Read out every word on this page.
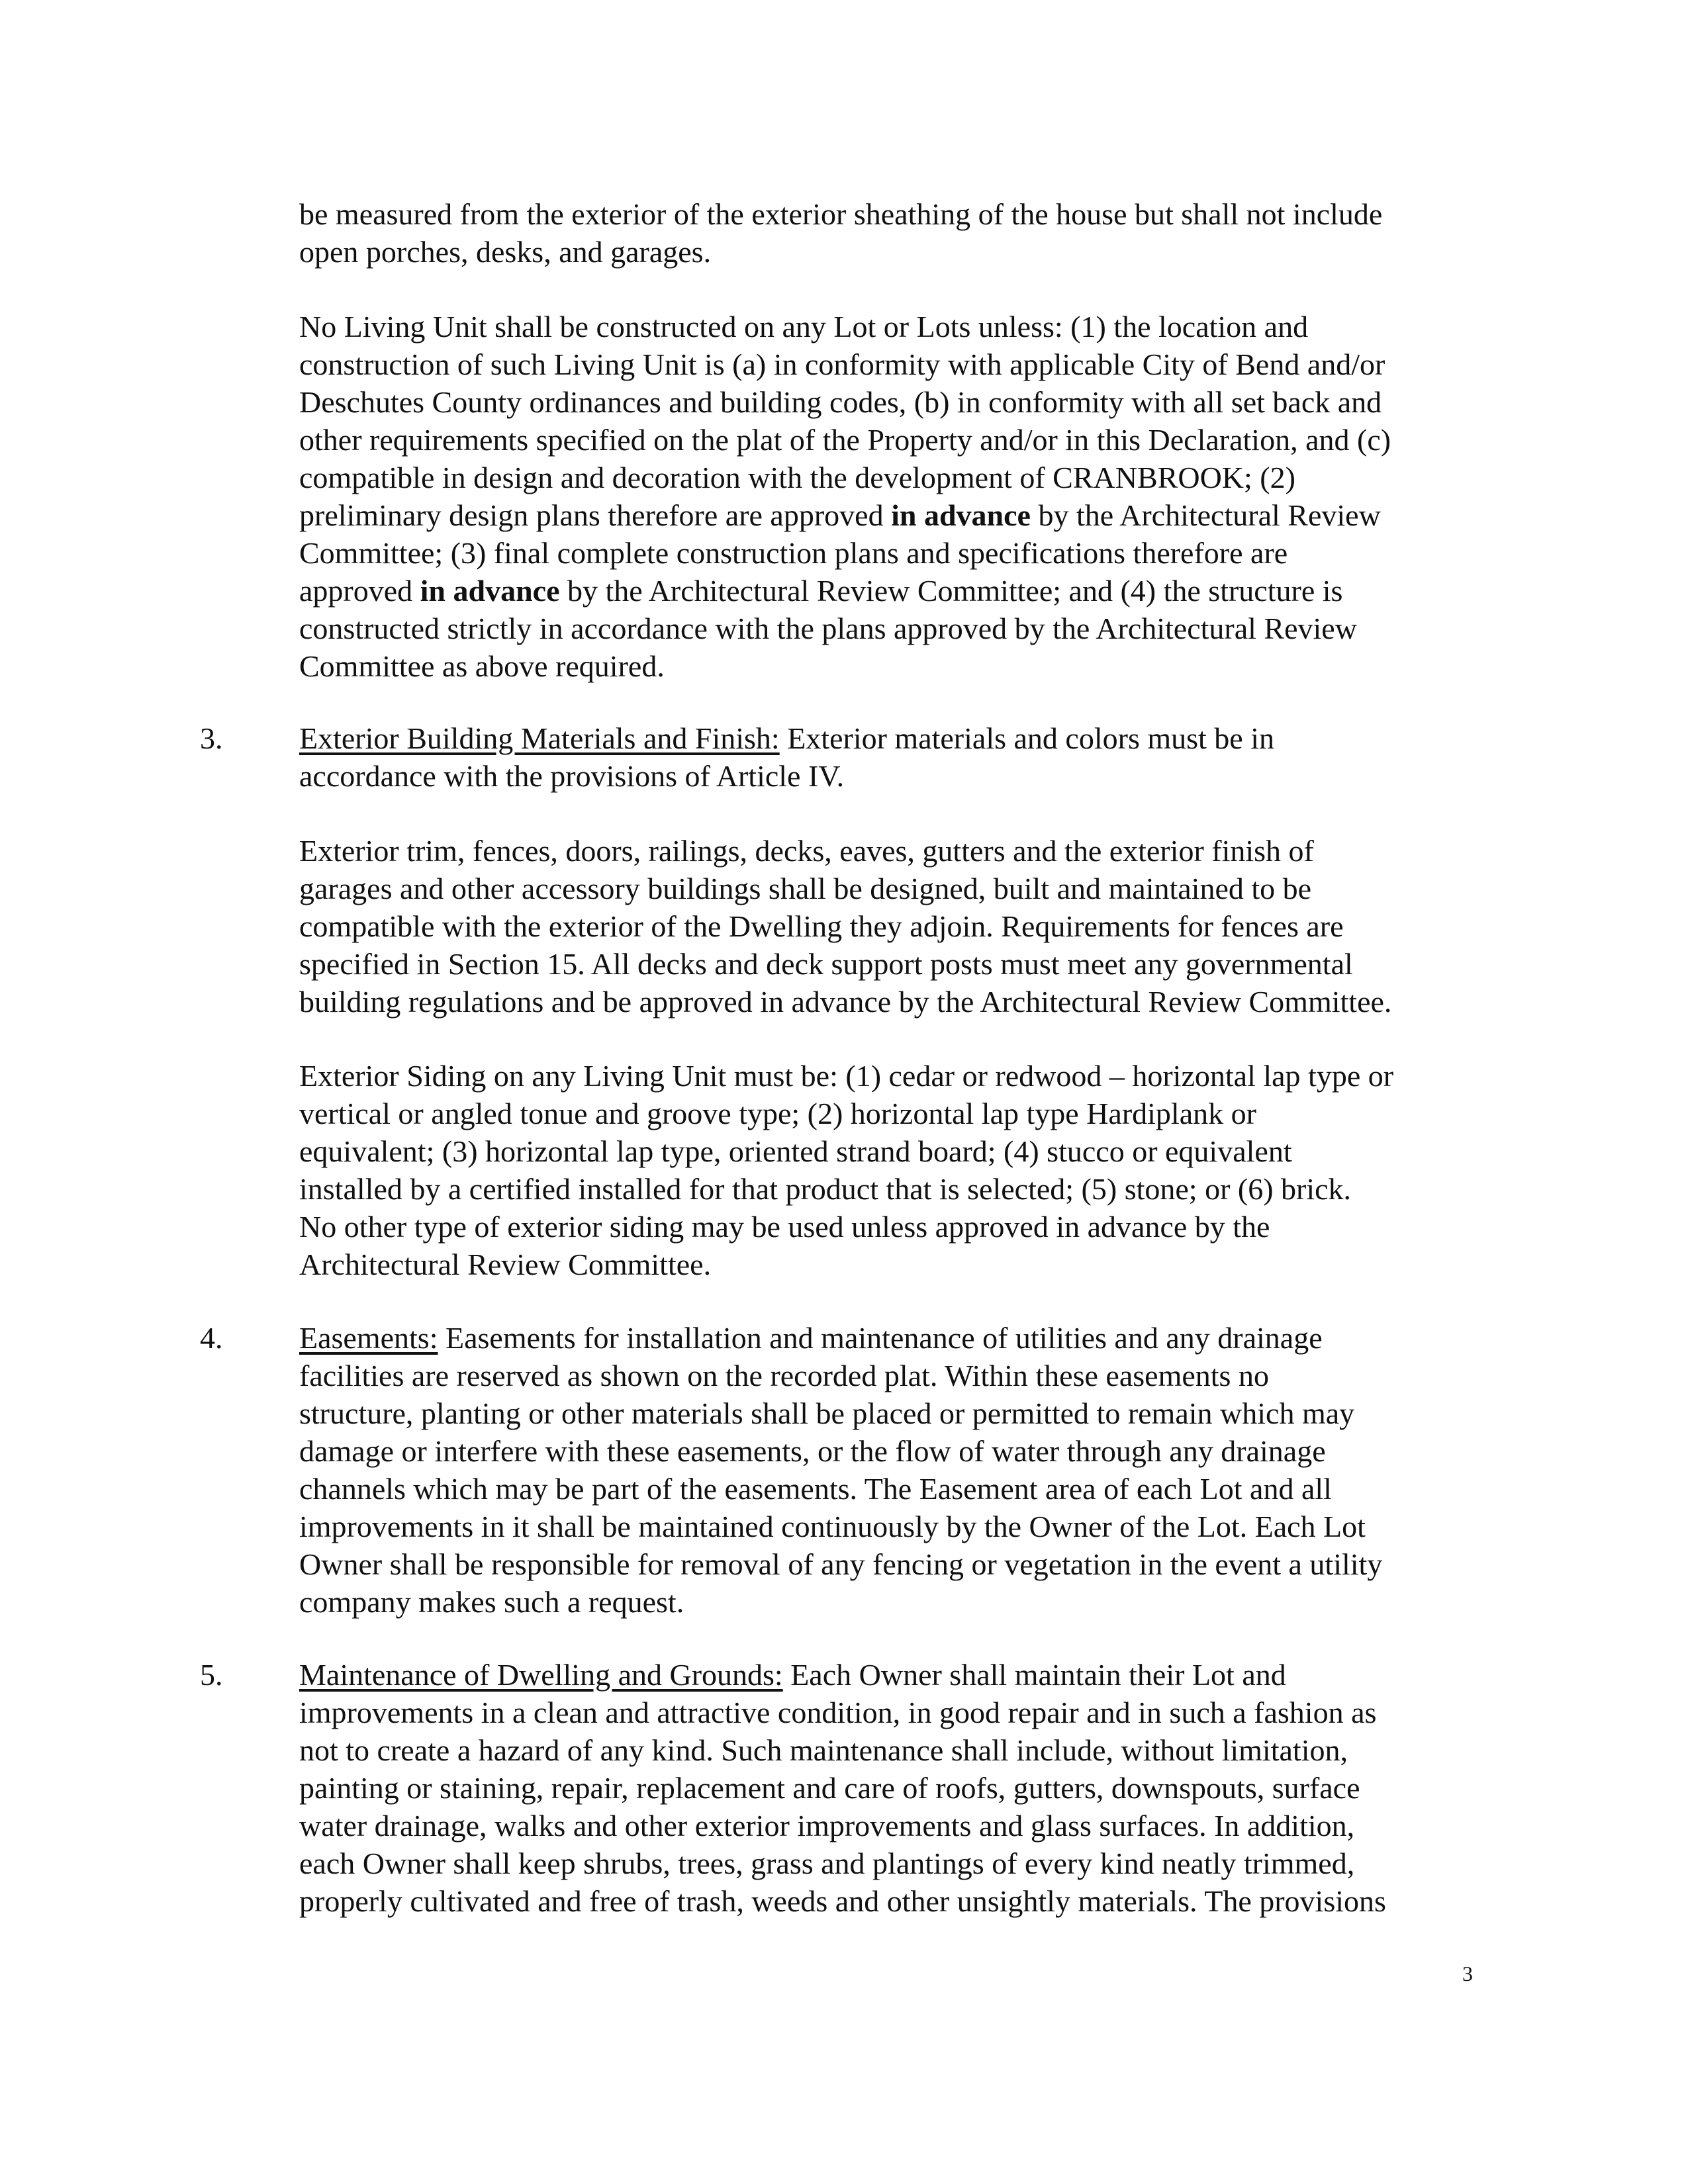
be measured from the exterior of the exterior sheathing of the house but shall not include
open porches, desks, and garages.

No Living Unit shall be constructed on any Lot or Lots unless: (1) the location and
construction of such Living Unit is (a) in conformity with applicable City of Bend and/or
Deschutes County ordinances and building codes, (b) in conformity with all set back and
other requirements specified on the plat of the Property and/or in this Declaration, and (c)
compatible in design and decoration with the development of CRANBROOK; (2)
preliminary design plans therefore are approved in advance by the Architectural Review
Committee; (3) final complete construction plans and specifications therefore are
approved in advance by the Architectural Review Committee; and (4) the structure is
constructed strictly in accordance with the plans approved by the Architectural Review
Committee as above required.

3.	Exterior Building Materials and Finish: Exterior materials and colors must be in
accordance with the provisions of Article IV.

Exterior trim, fences, doors, railings, decks, eaves, gutters and the exterior finish of
garages and other accessory buildings shall be designed, built and maintained to be
compatible with the exterior of the Dwelling they adjoin. Requirements for fences are
specified in Section 15. All decks and deck support posts must meet any governmental
building regulations and be approved in advance by the Architectural Review Committee.

Exterior Siding on any Living Unit must be: (1) cedar or redwood – horizontal lap type or
vertical or angled tonue and groove type; (2) horizontal lap type Hardiplank or
equivalent; (3) horizontal lap type, oriented strand board; (4) stucco or equivalent
installed by a certified installed for that product that is selected; (5) stone; or (6) brick.
No other type of exterior siding may be used unless approved in advance by the
Architectural Review Committee.

4.	Easements: Easements for installation and maintenance of utilities and any drainage
facilities are reserved as shown on the recorded plat. Within these easements no
structure, planting or other materials shall be placed or permitted to remain which may
damage or interfere with these easements, or the flow of water through any drainage
channels which may be part of the easements. The Easement area of each Lot and all
improvements in it shall be maintained continuously by the Owner of the Lot. Each Lot
Owner shall be responsible for removal of any fencing or vegetation in the event a utility
company makes such a request.

5.	Maintenance of Dwelling and Grounds: Each Owner shall maintain their Lot and
improvements in a clean and attractive condition, in good repair and in such a fashion as
not to create a hazard of any kind. Such maintenance shall include, without limitation,
painting or staining, repair, replacement and care of roofs, gutters, downspouts, surface
water drainage, walks and other exterior improvements and glass surfaces. In addition,
each Owner shall keep shrubs, trees, grass and plantings of every kind neatly trimmed,
properly cultivated and free of trash, weeds and other unsightly materials. The provisions

3
